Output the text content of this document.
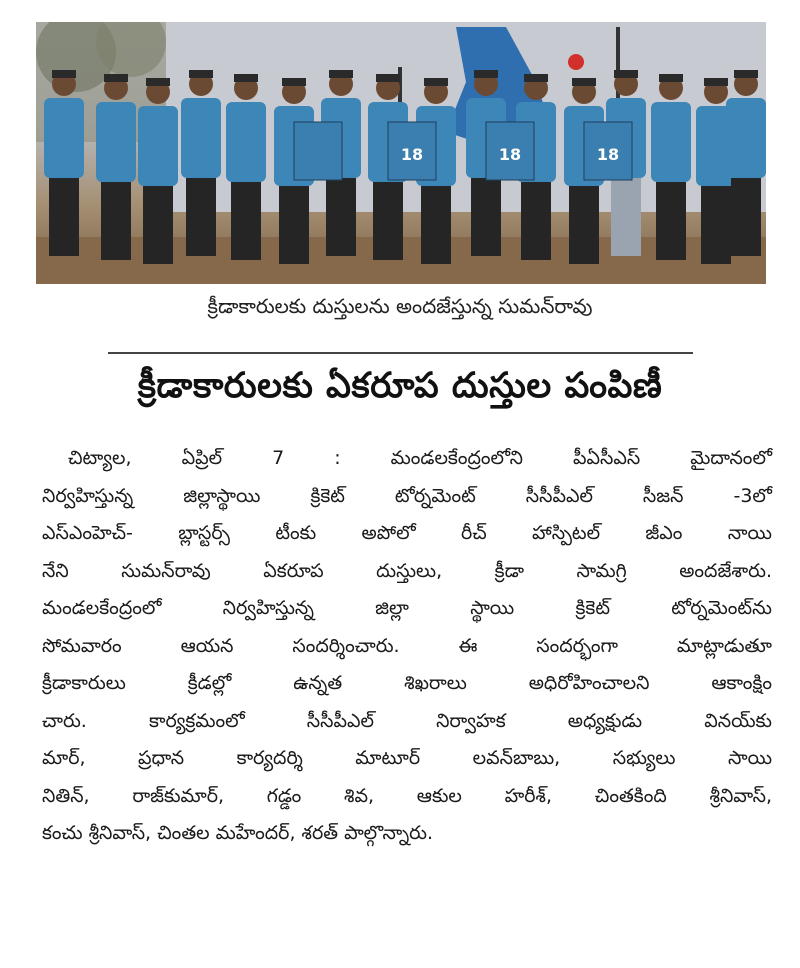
18	18	18
క్రీడాకారులకు దుస్తులను అందజేస్తున్న సుమన్‌రావు
క్రీడాకారులకు ఏకరూప దుస్తుల పంపిణీ
చిట్యాల, ఏప్రిల్ 7 : మండలకేంద్రంలోని పీఏసీఎస్ మైదానంలో
నిర్వహిస్తున్న జిల్లాస్థాయి క్రికెట్ టోర్నమెంట్ సీసీపీఎల్ సీజన్ -3లో
ఎస్ఎంహెచ్- బ్లాస్టర్స్ టీంకు అపోలో రీచ్ హాస్పిటల్ జీఎం నాయి
నేని సుమన్‌రావు ఏకరూప దుస్తులు, క్రీడా సామగ్రి అందజేశారు.
మండలకేంద్రంలో నిర్వహిస్తున్న జిల్లా స్థాయి క్రికెట్ టోర్నమెంట్‌ను
సోమవారం ఆయన సందర్శించారు. ఈ సందర్భంగా మాట్లాడుతూ
క్రీడాకారులు క్రీడల్లో ఉన్నత శిఖరాలు అధిరోహించాలని ఆకాంక్షిం
చారు. కార్యక్రమంలో సీసీపీఎల్ నిర్వాహక అధ్యక్షుడు వినయ్‌కు
మార్, ప్రధాన కార్యదర్శి మాటూర్ లవన్‌బాబు, సభ్యులు సాయి
నితిన్, రాజ్‌కుమార్, గడ్డం శివ, ఆకుల హరీశ్, చింతకింది శ్రీనివాస్,
కంచు శ్రీనివాస్, చింతల మహేందర్, శరత్ పాల్గొన్నారు.
